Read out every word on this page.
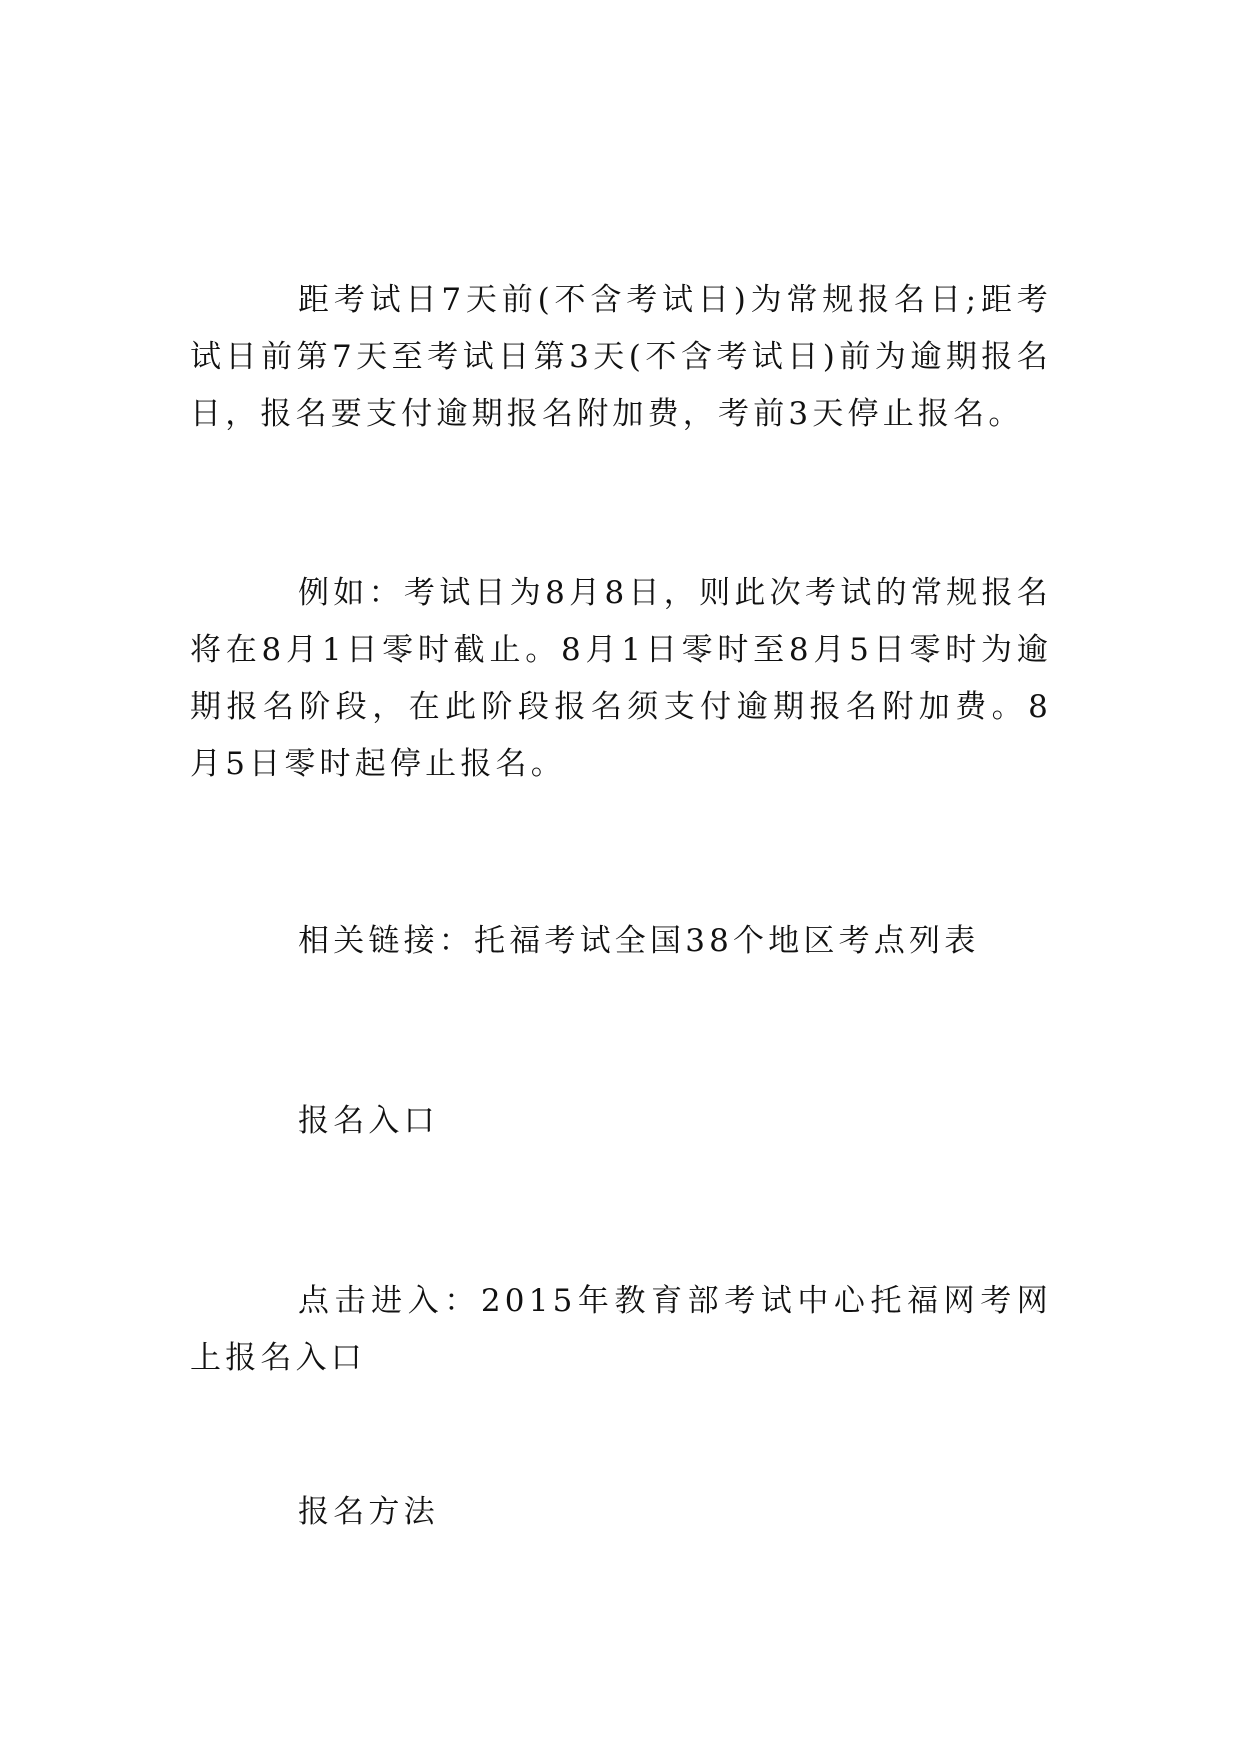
距考试日7天前(不含考试日)为常规报名日;距考试日前第7天至考试日第3天(不含考试日)前为逾期报名日，报名要支付逾期报名附加费，考前3天停止报名。

例如：考试日为8月8日，则此次考试的常规报名将在8月1日零时截止。8月1日零时至8月5日零时为逾期报名阶段，在此阶段报名须支付逾期报名附加费。8月5日零时起停止报名。

相关链接：托福考试全国38个地区考点列表

报名入口

点击进入：2015年教育部考试中心托福网考网上报名入口

报名方法
